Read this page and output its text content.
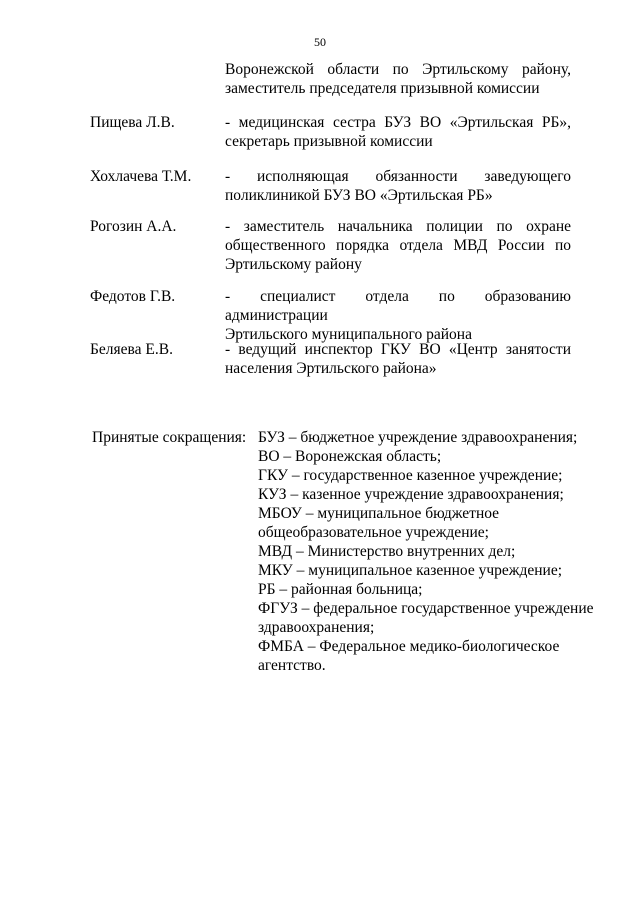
50
Воронежской области по Эртильскому району,
заместитель председателя призывной комиссии
Пищева Л.В.	- медицинская сестра БУЗ ВО «Эртильская РБ»,
секретарь призывной комиссии
Хохлачева Т.М. - исполняющая обязанности заведующего
поликлиникой БУЗ ВО «Эртильская РБ»
Рогозин А.А.	- заместитель начальника полиции по охране
общественного порядка отдела МВД России по
Эртильскому району
Федотов Г.В.	- специалист отдела по образованию администрации
Эртильского муниципального района
Беляева Е.В.	- ведущий инспектор ГКУ ВО «Центр занятости
населения Эртильского района»
Принятые сокращения: БУЗ – бюджетное учреждение здравоохранения;
ВО – Воронежская область;
ГКУ – государственное казенное учреждение;
КУЗ – казенное учреждение здравоохранения;
МБОУ – муниципальное бюджетное
общеобразовательное учреждение;
МВД – Министерство внутренних дел;
МКУ – муниципальное казенное учреждение;
РБ – районная больница;
ФГУЗ – федеральное государственное учреждение
здравоохранения;
ФМБА – Федеральное медико-биологическое
агентство.
